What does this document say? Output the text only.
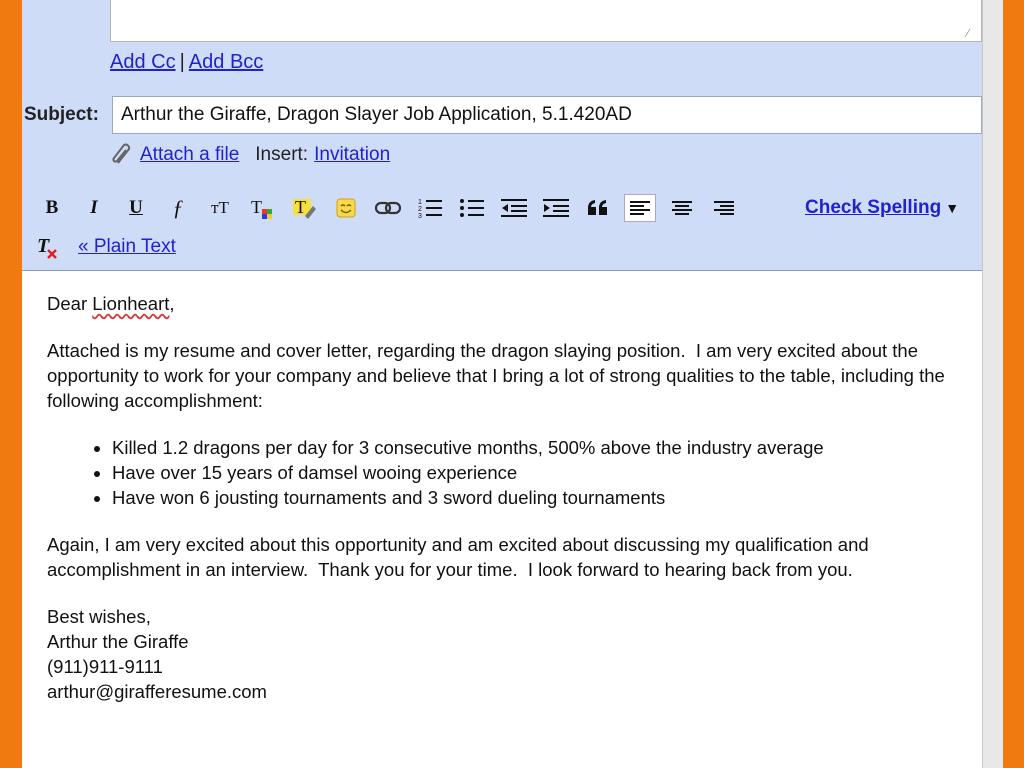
∕
Add Cc | Add Bcc
Subject:
Arthur the Giraffe, Dragon Slayer Job Application, 5.1.420AD
Attach a file Insert: Invitation
B	I	U	ƒ	ᴛT	T T	1
2
3	Check Spelling ▼
T « Plain Text
Dear Lionheart,
Attached is my resume and cover letter, regarding the dragon slaying position.  I am very excited about the opportunity to work for your company and believe that I bring a lot of strong qualities to the table, including the following accomplishment:
• Killed 1.2 dragons per day for 3 consecutive months, 500% above the industry average
• Have over 15 years of damsel wooing experience
• Have won 6 jousting tournaments and 3 sword dueling tournaments
Again, I am very excited about this opportunity and am excited about discussing my qualification and accomplishment in an interview.  Thank you for your time.  I look forward to hearing back from you.
Best wishes,
Arthur the Giraffe
(911)911-9111
arthur@girafferesume.com
